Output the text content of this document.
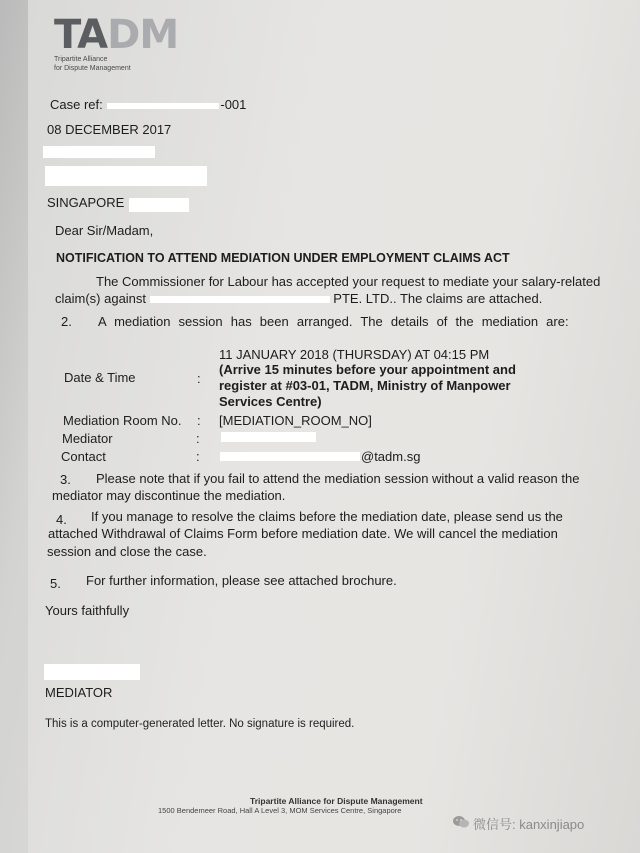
TADM
Tripartite Alliance
for Dispute Management
Case ref:	-001
08 DECEMBER 2017
SINGAPORE
Dear Sir/Madam,
NOTIFICATION TO ATTEND MEDIATION UNDER EMPLOYMENT CLAIMS ACT
The Commissioner for Labour has accepted your request to mediate your salary-related
claim(s) against	PTE. LTD.. The claims are attached.
2. A mediation session has been arranged. The details of the mediation are:
Date & Time	:
11 JANUARY 2018 (THURSDAY) AT 04:15 PM
(Arrive 15 minutes before your appointment and
register at #03-01, TADM, Ministry of Manpower
Services Centre)
Mediation Room No. : [MEDIATION_ROOM_NO]
Mediator	:
Contact	:	@tadm.sg
3. Please note that if you fail to attend the mediation session without a valid reason the
mediator may discontinue the mediation.
4. If you manage to resolve the claims before the mediation date, please send us the
attached Withdrawal of Claims Form before mediation date. We will cancel the mediation
session and close the case.
5. For further information, please see attached brochure.
Yours faithfully
MEDIATOR
This is a computer-generated letter. No signature is required.
Tripartite Alliance for Dispute Management
1500 Bendemeer Road, Hall A Level 3, MOM Services Centre, Singapore
微信号: kanxinjiapo
